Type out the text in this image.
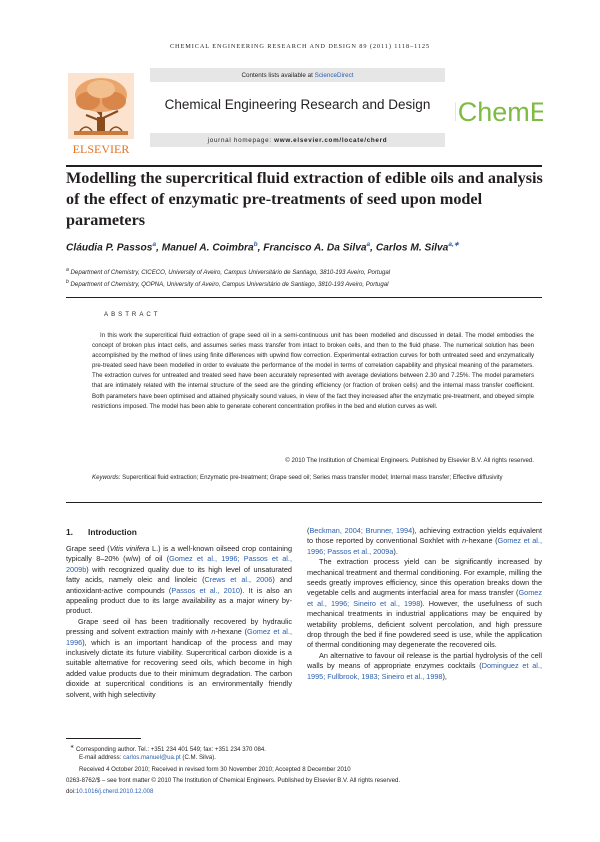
CHEMICAL ENGINEERING RESEARCH AND DESIGN 89 (2011) 1118–1125
ELSEVIER
Contents lists available at ScienceDirect
Chemical Engineering Research and Design
journal homepage: www.elsevier.com/locate/cherd
IChemE
Modelling the supercritical fluid extraction of edible oils and analysis of the effect of enzymatic pre-treatments of seed upon model parameters
Cláudia P. Passos$^a$, Manuel A. Coimbra$^b$, Francisco A. Da Silva$^a$, Carlos M. Silva$^{a,∗}$
$^a$ Department of Chemistry, CICECO, University of Aveiro, Campus Universitário de Santiago, 3810-193 Aveiro, Portugal
$^b$ Department of Chemistry, QOPNA, University of Aveiro, Campus Universitário de Santiago, 3810-193 Aveiro, Portugal
ABSTRACT
In this work the supercritical fluid extraction of grape seed oil in a semi-continuous unit has been modelled and discussed in detail. The model embodies the concept of broken plus intact cells, and assumes series mass transfer from intact to broken cells, and then to the fluid phase. The numerical solution has been accomplished by the method of lines using finite differences with upwind flow correction. Experimental extraction curves for both untreated seed and enzymatically pre-treated seed have been modelled in order to evaluate the performance of the model in terms of correlation capability and physical meaning of the parameters. The extraction curves for untreated and treated seed have been accurately represented with average deviations between 2.30 and 7.25%. The model parameters that are intimately related with the internal structure of the seed are the grinding efficiency (or fraction of broken cells) and the internal mass transfer coefficient. Both parameters have been optimised and attained physically sound values, in view of the fact they increased after the enzymatic pre-treatment, and obeyed simple restrictions imposed. The model has been able to generate coherent concentration profiles in the bed and elution curves as well.
© 2010 The Institution of Chemical Engineers. Published by Elsevier B.V. All rights reserved.
Keywords: Supercritical fluid extraction; Enzymatic pre-treatment; Grape seed oil; Series mass transfer model; Internal mass transfer; Effective diffusivity
1. Introduction

Grape seed (Vitis vinifera L.) is a well-known oilseed crop containing typically 8–20% (w/w) of oil (Gomez et al., 1996; Passos et al., 2009b) with recognized quality due to its high level of unsaturated fatty acids, namely oleic and linoleic (Crews et al., 2006) and antioxidant-active compounds (Passos et al., 2010). It is also an appealing product due to its large availability as a major winery by-product.

Grape seed oil has been traditionally recovered by hydraulic pressing and solvent extraction mainly with n-hexane (Gomez et al., 1996), which is an important handicap of the process and may inclusively dictate its future viability. Supercritical carbon dioxide is a suitable alternative for recovering seed oils, which become in high added value products due to their minimum degradation. The carbon dioxide at supercritical conditions is an environmentally friendly solvent, with high selectivity

(Beckman, 2004; Brunner, 1994), achieving extraction yields equivalent to those reported by conventional Soxhlet with n-hexane (Gomez et al., 1996; Passos et al., 2009a).

The extraction process yield can be significantly increased by mechanical treatment and thermal conditioning. For example, milling the seeds greatly improves efficiency, since this operation breaks down the vegetable cells and augments interfacial area for mass transfer (Gomez et al., 1996; Sineiro et al., 1998). However, the usefulness of such mechanical treatments in industrial applications may be enquired by wetability problems, deficient solvent percolation, and high pressure drop through the bed if fine powdered seed is use, while the application of thermal conditioning may degenerate the recovered oils.

An alternative to favour oil release is the partial hydrolysis of the cell walls by means of appropriate enzymes cocktails (Dominguez et al., 1995; Fullbrook, 1983; Sineiro et al., 1998),

∗ Corresponding author. Tel.: +351 234 401 549; fax: +351 234 370 084.
E-mail address: carlos.manuel@ua.pt (C.M. Silva).
Received 4 October 2010; Received in revised form 30 November 2010; Accepted 8 December 2010
0263-8762/$ – see front matter © 2010 The Institution of Chemical Engineers. Published by Elsevier B.V. All rights reserved.
doi:10.1016/j.cherd.2010.12.008
